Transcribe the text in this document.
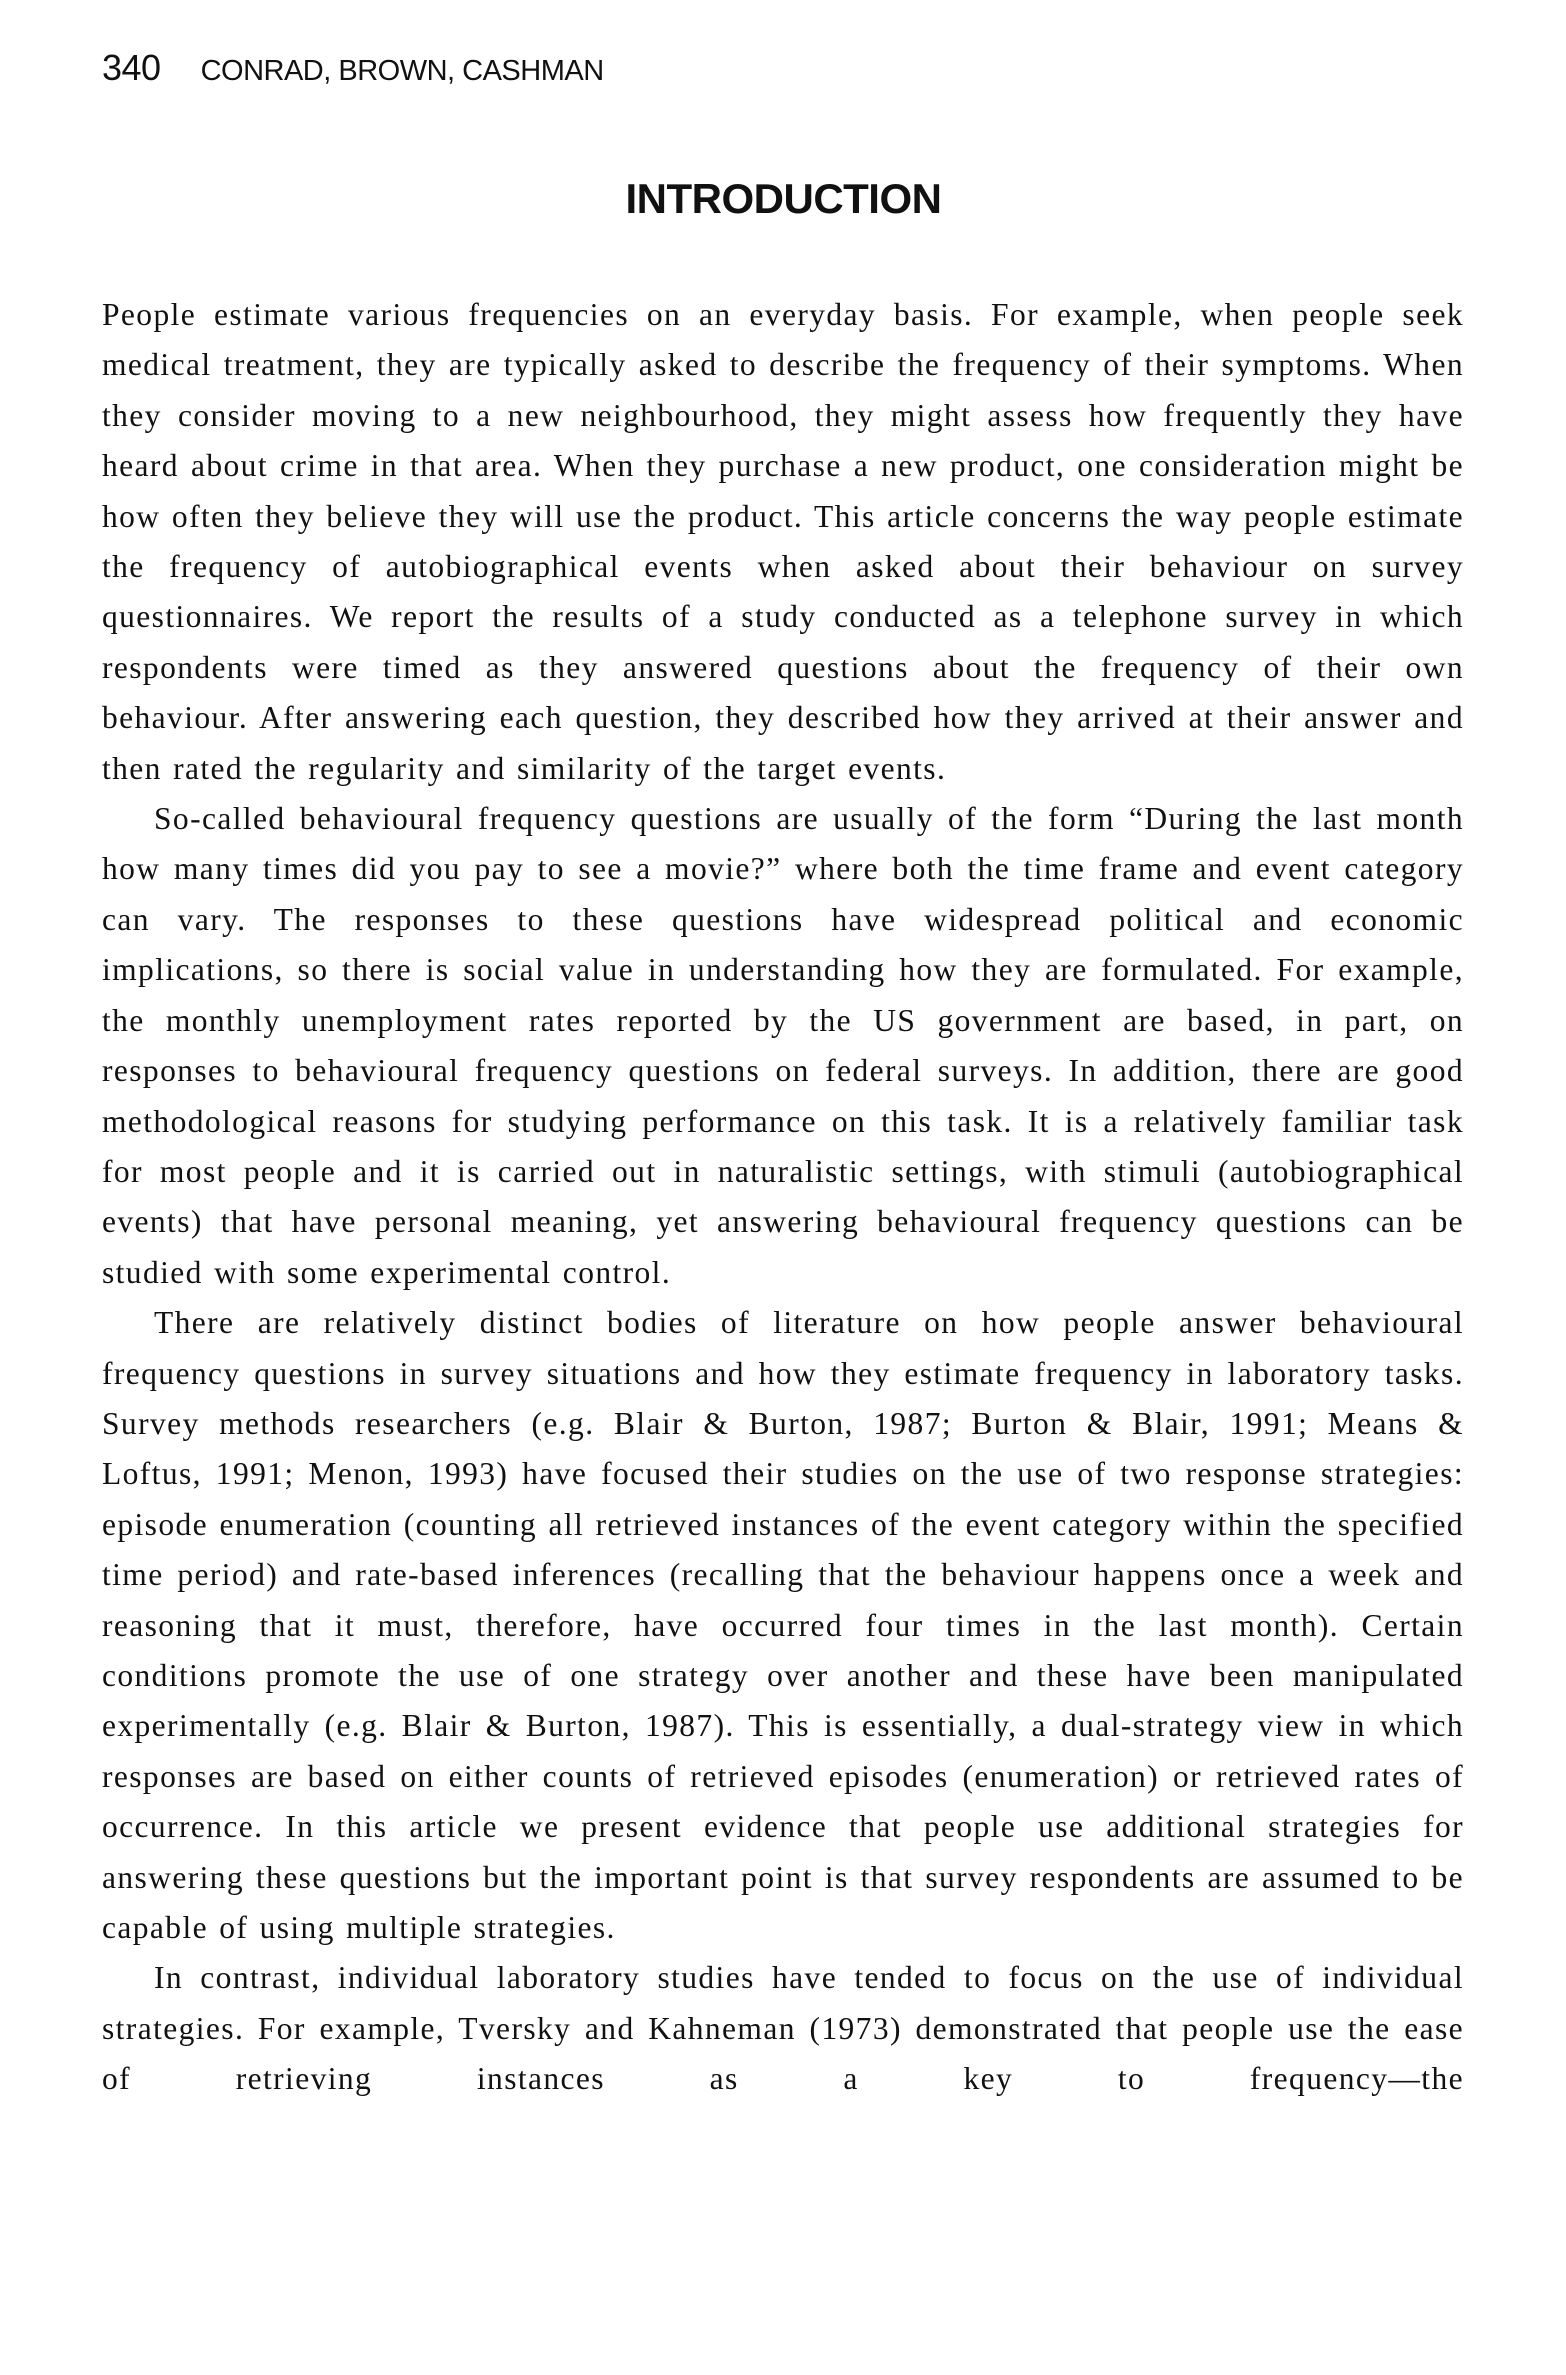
340 CONRAD, BROWN, CASHMAN
INTRODUCTION

People estimate various frequencies on an everyday basis. For example, when people seek medical treatment, they are typically asked to describe the frequency of their symptoms. When they consider moving to a new neighbourhood, they might assess how frequently they have heard about crime in that area. When they purchase a new product, one consideration might be how often they believe they will use the product. This article concerns the way people estimate the frequency of autobiographical events when asked about their behaviour on survey questionnaires. We report the results of a study conducted as a telephone survey in which respondents were timed as they answered questions about the frequency of their own behaviour. After answering each question, they described how they arrived at their answer and then rated the regularity and similarity of the target events.

So-called behavioural frequency questions are usually of the form “During the last month how many times did you pay to see a movie?” where both the time frame and event category can vary. The responses to these questions have widespread political and economic implications, so there is social value in understanding how they are formulated. For example, the monthly unemployment rates reported by the US government are based, in part, on responses to behavioural frequency questions on federal surveys. In addition, there are good methodological reasons for studying performance on this task. It is a relatively familiar task for most people and it is carried out in naturalistic settings, with stimuli (autobiographical events) that have personal meaning, yet answering behavioural frequency questions can be studied with some experimental control.

There are relatively distinct bodies of literature on how people answer behavioural frequency questions in survey situations and how they estimate frequency in laboratory tasks. Survey methods researchers (e.g. Blair & Burton, 1987; Burton & Blair, 1991; Means & Loftus, 1991; Menon, 1993) have focused their studies on the use of two response strategies: episode enumeration (counting all retrieved instances of the event category within the specified time period) and rate-based inferences (recalling that the behaviour happens once a week and reasoning that it must, therefore, have occurred four times in the last month). Certain conditions promote the use of one strategy over another and these have been manipulated experimentally (e.g. Blair & Burton, 1987). This is essentially, a dual-strategy view in which responses are based on either counts of retrieved episodes (enumeration) or retrieved rates of occurrence. In this article we present evidence that people use additional strategies for answering these questions but the important point is that survey respondents are assumed to be capable of using multiple strategies.

In contrast, individual laboratory studies have tended to focus on the use of individual strategies. For example, Tversky and Kahneman (1973) demonstrated that people use the ease of retrieving instances as a key to frequency—the
